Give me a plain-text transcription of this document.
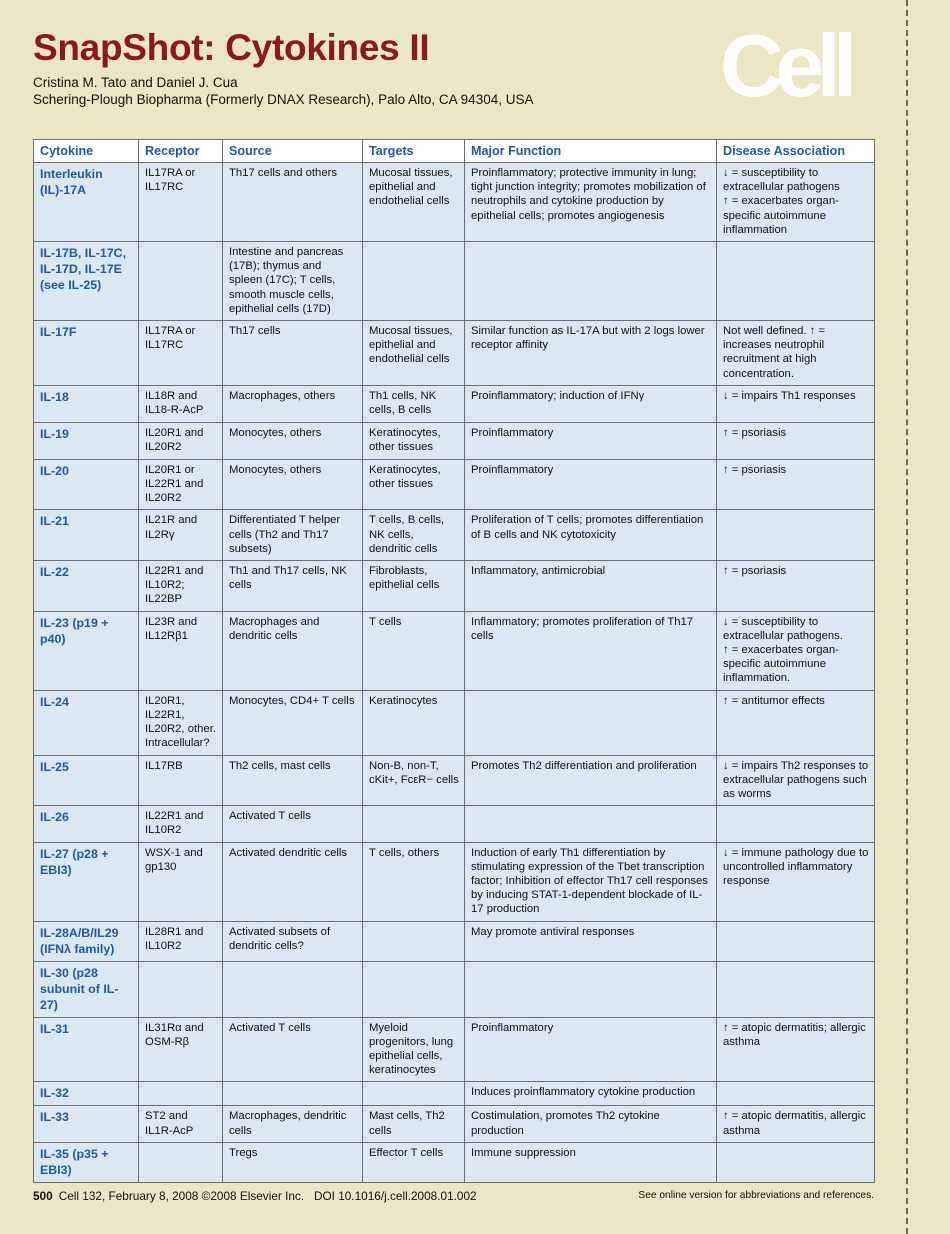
SnapShot: Cytokines II
Cristina M. Tato and Daniel J. Cua
Schering-Plough Biopharma (Formerly DNAX Research), Palo Alto, CA 94304, USA Cell
Cytokine	Receptor	Source	Targets	Major Function	Disease Association
Interleukin (IL)-17A	IL17RA or IL17RC	Th17 cells and others	Mucosal tissues, epithelial and endothelial cells	Proinflammatory; protective immunity in lung; tight junction integrity; promotes mobilization of neutrophils and cytokine production by epithelial cells; promotes angiogenesis	↓ = susceptibility to extracellular pathogens
↑ = exacerbates organ-specific autoimmune inflammation
IL-17B, IL-17C, IL-17D, IL-17E (see IL-25)		Intestine and pancreas (17B); thymus and spleen (17C); T cells, smooth muscle cells, epithelial cells (17D)			
IL-17F	IL17RA or IL17RC	Th17 cells	Mucosal tissues, epithelial and endothelial cells	Similar function as IL-17A but with 2 logs lower receptor affinity	Not well defined. ↑ = increases neutrophil recruitment at high concentration.
IL-18	IL18R and IL18-R-AcP	Macrophages, others	Th1 cells, NK cells, B cells	Proinflammatory; induction of IFNγ	↓ = impairs Th1 responses
IL-19	IL20R1 and IL20R2	Monocytes, others	Keratinocytes, other tissues	Proinflammatory	↑ = psoriasis
IL-20	IL20R1 or IL22R1 and IL20R2	Monocytes, others	Keratinocytes, other tissues	Proinflammatory	↑ = psoriasis
IL-21	IL21R and IL2Rγ	Differentiated T helper cells (Th2 and Th17 subsets)	T cells, B cells, NK cells, dendritic cells	Proliferation of T cells; promotes differentiation of B cells and NK cytotoxicity	
IL-22	IL22R1 and IL10R2; IL22BP	Th1 and Th17 cells, NK cells	Fibroblasts, epithelial cells	Inflammatory, antimicrobial	↑ = psoriasis
IL-23 (p19 + p40)	IL23R and IL12Rβ1	Macrophages and dendritic cells	T cells	Inflammatory; promotes proliferation of Th17 cells	↓ = susceptibility to extracellular pathogens.
↑ = exacerbates organ-specific autoimmune inflammation.
IL-24	IL20R1, IL22R1, IL20R2, other. Intracellular?	Monocytes, CD4+ T cells	Keratinocytes		↑ = antitumor effects
IL-25	IL17RB	Th2 cells, mast cells	Non-B, non-T, cKit+, FcεR− cells	Promotes Th2 differentiation and proliferation	↓ = impairs Th2 responses to extracellular pathogens such as worms
IL-26	IL22R1 and IL10R2	Activated T cells			
IL-27 (p28 + EBI3)	WSX-1 and gp130	Activated dendritic cells	T cells, others	Induction of early Th1 differentiation by stimulating expression of the Tbet transcription factor; Inhibition of effector Th17 cell responses by inducing STAT-1-dependent blockade of IL-17 production	↓ = immune pathology due to uncontrolled inflammatory response
IL-28A/B/IL29 (IFNλ family)	IL28R1 and IL10R2	Activated subsets of dendritic cells?		May promote antiviral responses	
IL-30 (p28 subunit of IL-27)					
IL-31	IL31Rα and OSM-Rβ	Activated T cells	Myeloid progenitors, lung epithelial cells, keratinocytes	Proinflammatory	↑ = atopic dermatitis; allergic asthma
IL-32				Induces proinflammatory cytokine production	
IL-33	ST2 and IL1R-AcP	Macrophages, dendritic cells	Mast cells, Th2 cells	Costimulation, promotes Th2 cytokine production	↑ = atopic dermatitis, allergic asthma
IL-35 (p35 + EBI3)		Tregs	Effector T cells	Immune suppression	
500 Cell 132, February 8, 2008 ©2008 Elsevier Inc.   DOI 10.1016/j.cell.2008.01.002	See online version for abbreviations and references.
